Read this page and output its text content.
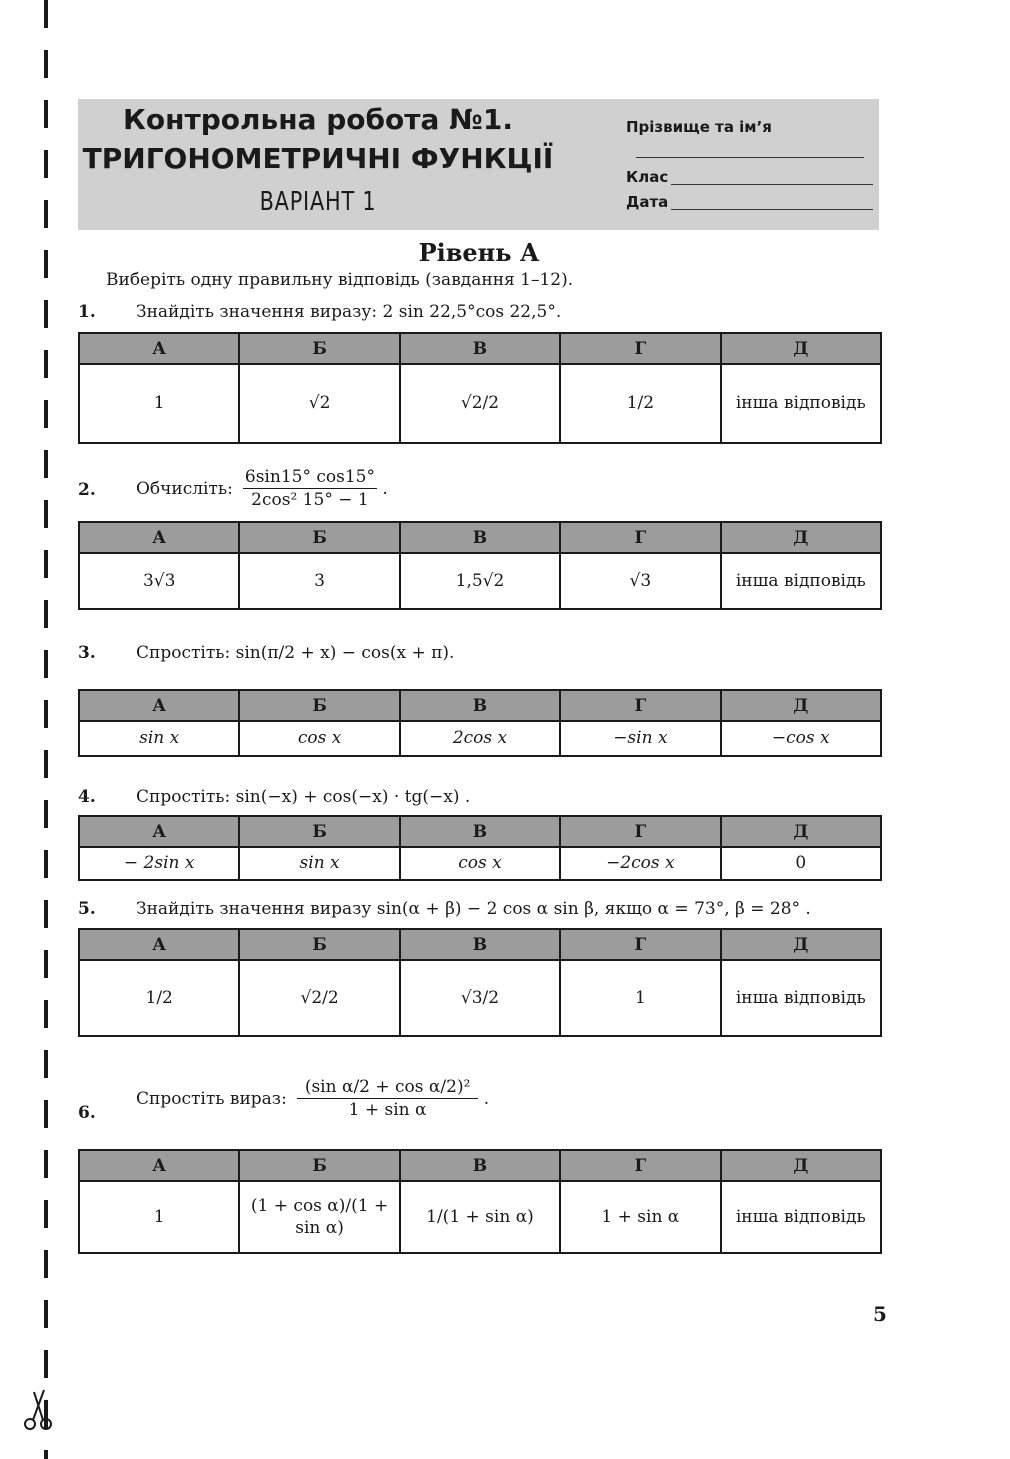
Контрольна робота №1.
ТРИГОНОМЕТРИЧНІ ФУНКЦІЇ
ВАРІАНТ 1
Прізвище та ім’я
Клас
Дата
Рівень А
Виберіть одну правильну відповідь (завдання 1–12).
1. Знайдіть значення виразу: 2 sin 22,5°cos 22,5°.
А	Б	В	Г	Д
1	√2	√2/2	1/2	інша відповідь
2. Обчисліть: $\frac{6\sin 15^\circ \cos 15^\circ}{\text{2cos² 15° − 1}}$ .
А	Б	В	Г	Д
3√3	3	1,5√2	√3	інша відповідь
3. Спростіть: sin(π/2 + x) − cos(x + π).
А	Б	В	Г	Д
sin x	cos x	2cos x	−sin x	−cos x
4. Спростіть: sin(−x) + cos(−x) · tg(−x) .
А	Б	В	Г	Д
− 2sin x	sin x	cos x	−2cos x	0
5. Знайдіть значення виразу sin(α + β) − 2 cos α sin β, якщо α = 73°, β = 28° .
А	Б	В	Г	Д
1/2	√2/2	√3/2	1	інша відповідь
6.
Спростіть вираз: $\frac{\text{(sin α/2 + cos α/2)²}}{\text{1 + sin α}}$ .
А	Б	В	Г	Д
1	(1 + cos α)/(1 + sin α)	1/(1 + sin α)	1 + sin α	інша відповідь
5
